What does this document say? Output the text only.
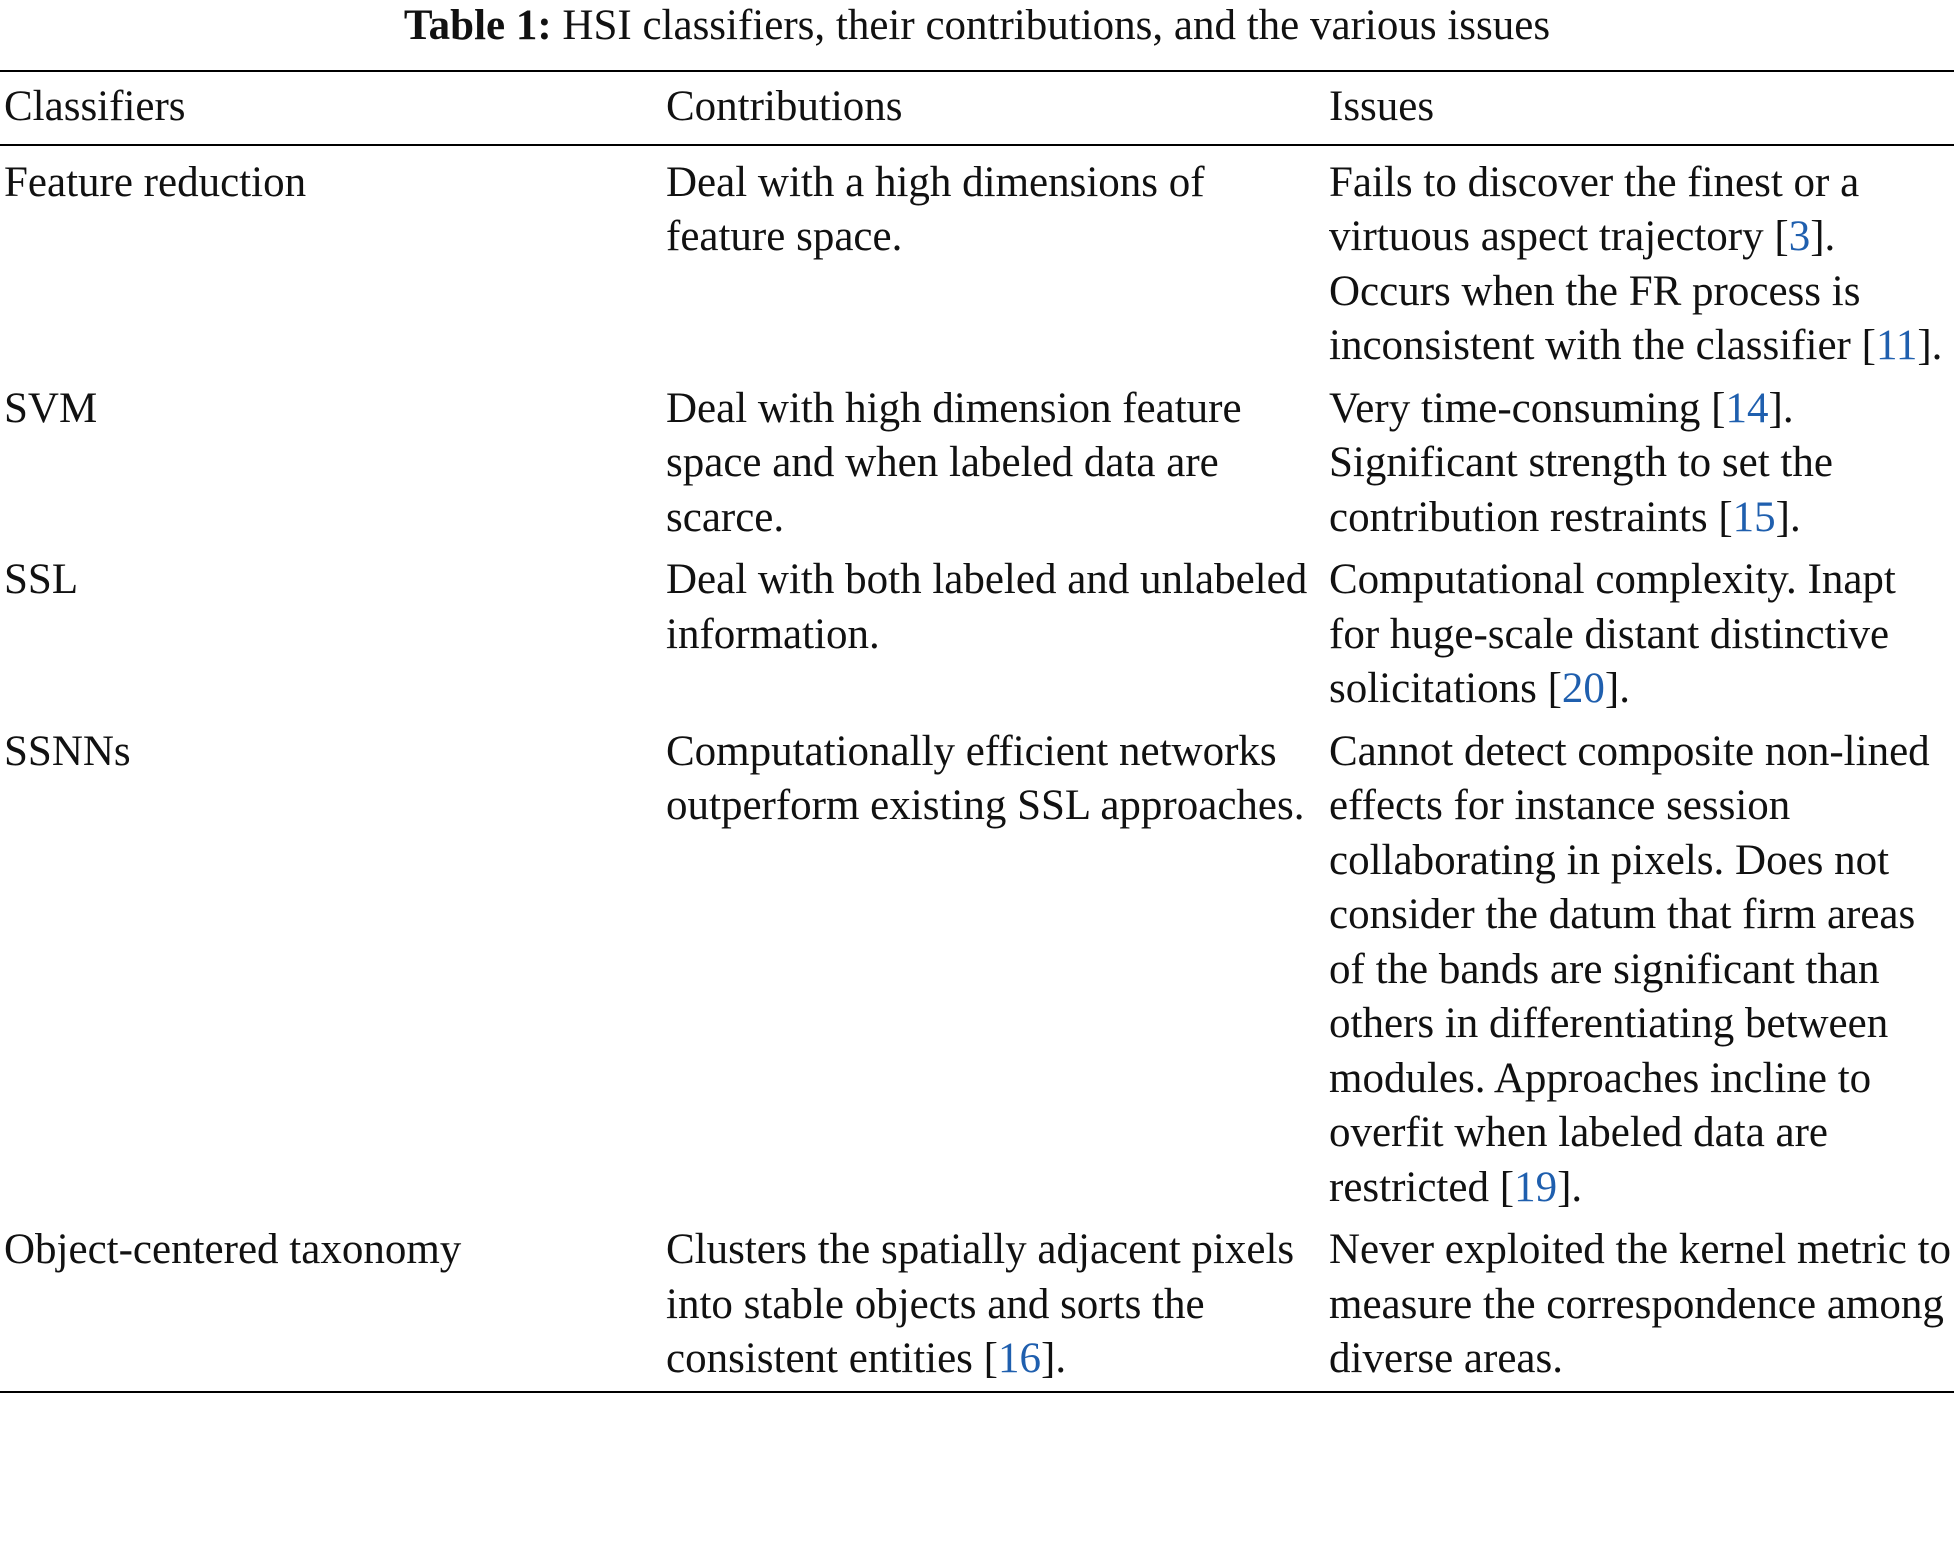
Table 1: HSI classifiers, their contributions, and the various issues
Classifiers	Contributions	Issues
Feature reduction	Deal with a high dimensions of feature space.	Fails to discover the finest or a virtuous aspect trajectory [3]. Occurs when the FR process is inconsistent with the classifier [11].
SVM	Deal with high dimension feature space and when labeled data are scarce.	Very time-consuming [14]. Significant strength to set the contribution restraints [15].
SSL	Deal with both labeled and unlabeled information.	Computational complexity. Inapt for huge-scale distant distinctive solicitations [20].
SSNNs	Computationally efficient networks outperform existing SSL approaches.	Cannot detect composite non-lined effects for instance session collaborating in pixels. Does not consider the datum that firm areas of the bands are significant than others in differentiating between modules. Approaches incline to overfit when labeled data are restricted [19].
Object-centered taxonomy	Clusters the spatially adjacent pixels into stable objects and sorts the consistent entities [16].	Never exploited the kernel metric to measure the correspondence among diverse areas.
